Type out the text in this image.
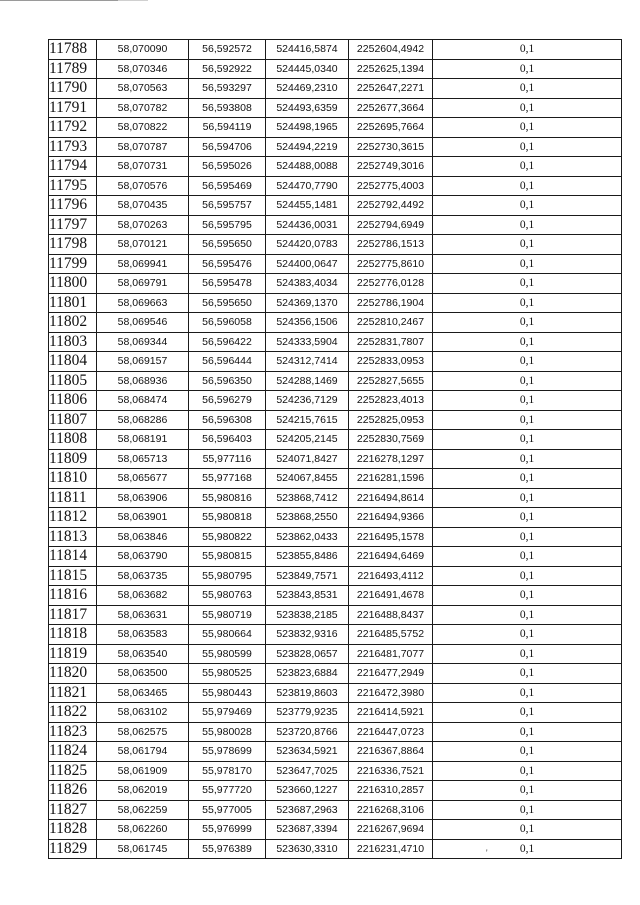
11788	58,070090	56,592572	524416,5874	2252604,4942	0,1
11789	58,070346	56,592922	524445,0340	2252625,1394	0,1
11790	58,070563	56,593297	524469,2310	2252647,2271	0,1
11791	58,070782	56,593808	524493,6359	2252677,3664	0,1
11792	58,070822	56,594119	524498,1965	2252695,7664	0,1
11793	58,070787	56,594706	524494,2219	2252730,3615	0,1
11794	58,070731	56,595026	524488,0088	2252749,3016	0,1
11795	58,070576	56,595469	524470,7790	2252775,4003	0,1
11796	58,070435	56,595757	524455,1481	2252792,4492	0,1
11797	58,070263	56,595795	524436,0031	2252794,6949	0,1
11798	58,070121	56,595650	524420,0783	2252786,1513	0,1
11799	58,069941	56,595476	524400,0647	2252775,8610	0,1
11800	58,069791	56,595478	524383,4034	2252776,0128	0,1
11801	58,069663	56,595650	524369,1370	2252786,1904	0,1
11802	58,069546	56,596058	524356,1506	2252810,2467	0,1
11803	58,069344	56,596422	524333,5904	2252831,7807	0,1
11804	58,069157	56,596444	524312,7414	2252833,0953	0,1
11805	58,068936	56,596350	524288,1469	2252827,5655	0,1
11806	58,068474	56,596279	524236,7129	2252823,4013	0,1
11807	58,068286	56,596308	524215,7615	2252825,0953	0,1
11808	58,068191	56,596403	524205,2145	2252830,7569	0,1
11809	58,065713	55,977116	524071,8427	2216278,1297	0,1
11810	58,065677	55,977168	524067,8455	2216281,1596	0,1
11811	58,063906	55,980816	523868,7412	2216494,8614	0,1
11812	58,063901	55,980818	523868,2550	2216494,9366	0,1
11813	58,063846	55,980822	523862,0433	2216495,1578	0,1
11814	58,063790	55,980815	523855,8486	2216494,6469	0,1
11815	58,063735	55,980795	523849,7571	2216493,4112	0,1
11816	58,063682	55,980763	523843,8531	2216491,4678	0,1
11817	58,063631	55,980719	523838,2185	2216488,8437	0,1
11818	58,063583	55,980664	523832,9316	2216485,5752	0,1
11819	58,063540	55,980599	523828,0657	2216481,7077	0,1
11820	58,063500	55,980525	523823,6884	2216477,2949	0,1
11821	58,063465	55,980443	523819,8603	2216472,3980	0,1
11822	58,063102	55,979469	523779,9235	2216414,5921	0,1
11823	58,062575	55,980028	523720,8766	2216447,0723	0,1
11824	58,061794	55,978699	523634,5921	2216367,8864	0,1
11825	58,061909	55,978170	523647,7025	2216336,7521	0,1
11826	58,062019	55,977720	523660,1227	2216310,2857	0,1
11827	58,062259	55,977005	523687,2963	2216268,3106	0,1
11828	58,062260	55,976999	523687,3394	2216267,9694	0,1
11829	58,061745	55,976389	523630,3310	2216231,4710	0,1
'
